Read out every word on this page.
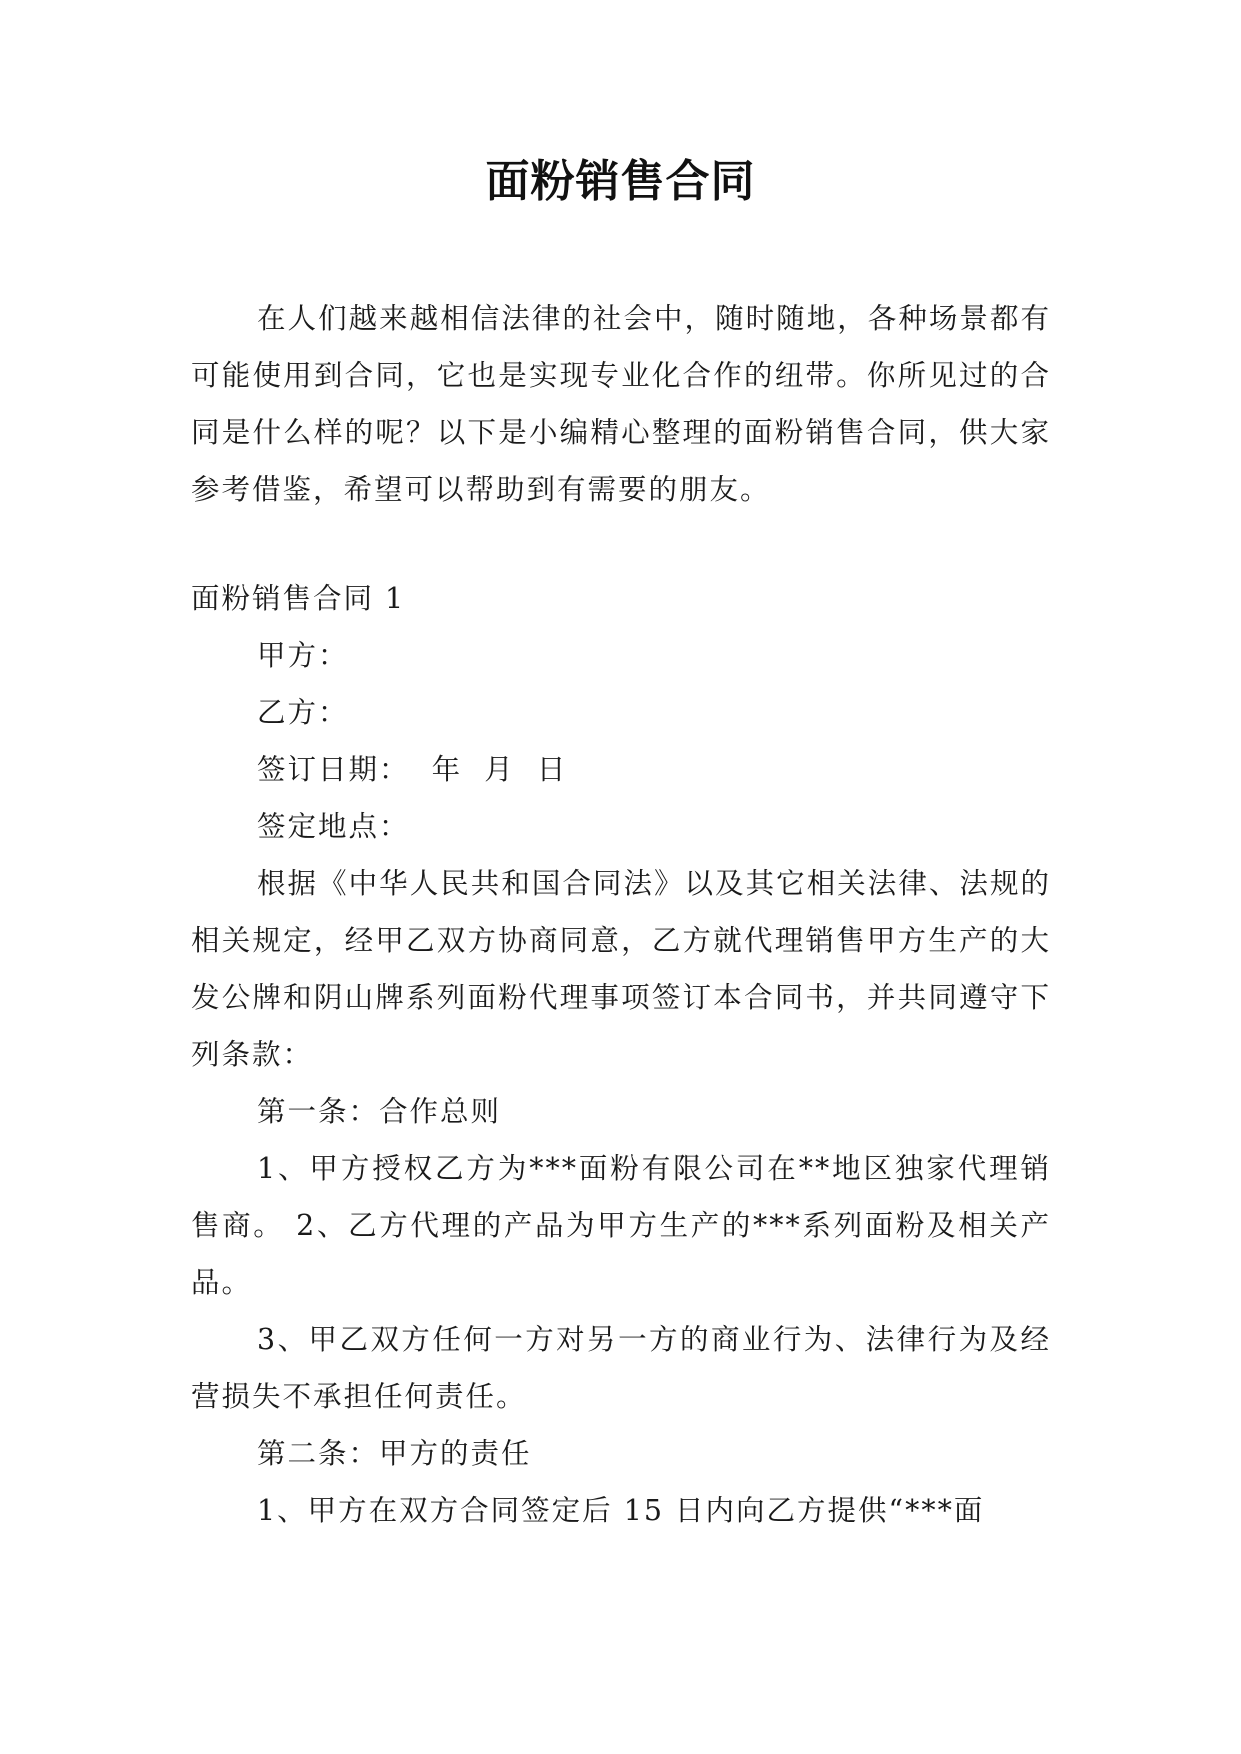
面粉销售合同
在人们越来越相信法律的社会中，随时随地，各种场景都有可能使用到合同，它也是实现专业化合作的纽带。你所见过的合同是什么样的呢？以下是小编精心整理的面粉销售合同，供大家参考借鉴，希望可以帮助到有需要的朋友。

面粉销售合同 1

甲方：

乙方：

签订日期：  年  月  日

签定地点：

根据《中华人民共和国合同法》以及其它相关法律、法规的相关规定，经甲乙双方协商同意，乙方就代理销售甲方生产的大发公牌和阴山牌系列面粉代理事项签订本合同书，并共同遵守下列条款：

第一条：合作总则

1、甲方授权乙方为***面粉有限公司在**地区独家代理销售商。 2、乙方代理的产品为甲方生产的***系列面粉及相关产品。

3、甲乙双方任何一方对另一方的商业行为、法律行为及经营损失不承担任何责任。

第二条：甲方的责任

1、甲方在双方合同签定后 15 日内向乙方提供“***面
